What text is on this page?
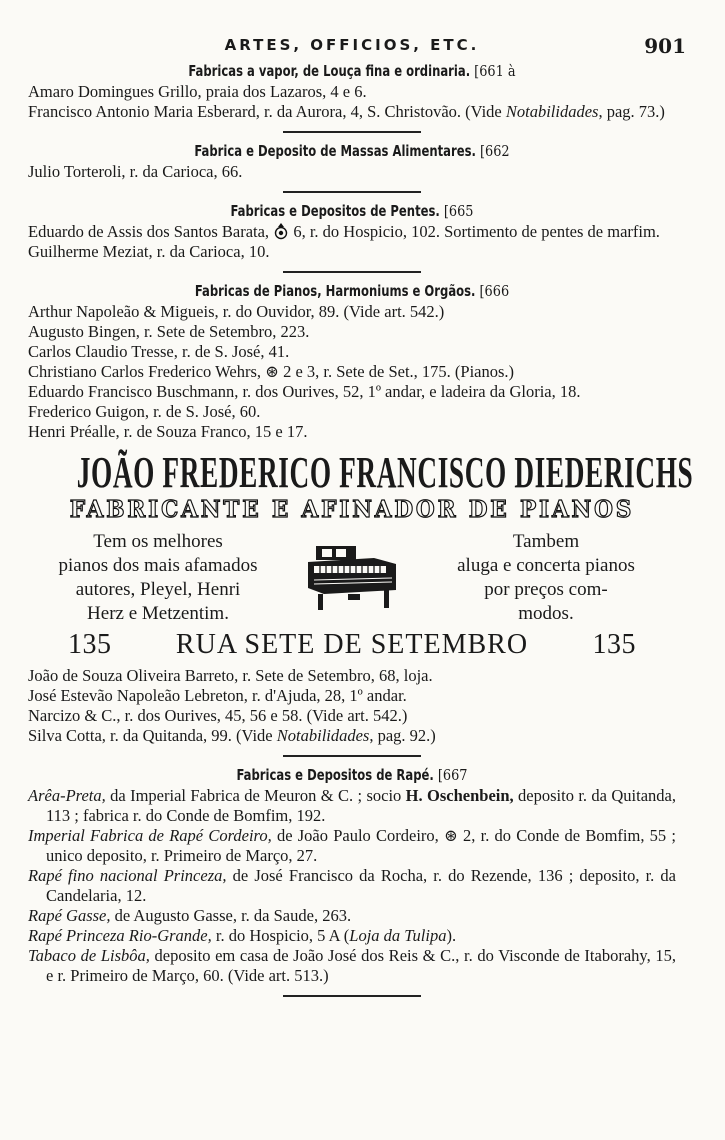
ARTES, OFFICIOS, ETC.	901
Fabricas a vapor, de Louça fina e ordinaria. [661 à
Amaro Domingues Grillo, praia dos Lazaros, 4 e 6.
Francisco Antonio Maria Esberard, r. da Aurora, 4, S. Christovão. (Vide Notabilidades, pag. 73.)
Fabrica e Deposito de Massas Alimentares. [662
Julio Torteroli, r. da Carioca, 66.
Fabricas e Depositos de Pentes. [665
Eduardo de Assis dos Santos Barata, 6, r. do Hospicio, 102. Sortimento de pentes de marfim.
Guilherme Meziat, r. da Carioca, 10.
Fabricas de Pianos, Harmoniums e Orgãos. [666
Arthur Napoleão & Migueis, r. do Ouvidor, 89. (Vide art. 542.)
Augusto Bingen, r. Sete de Setembro, 223.
Carlos Claudio Tresse, r. de S. José, 41.
Christiano Carlos Frederico Wehrs, ⊛ 2 e 3, r. Sete de Set., 175. (Pianos.)
Eduardo Francisco Buschmann, r. dos Ourives, 52, 1º andar, e ladeira da Gloria, 18.
Frederico Guigon, r. de S. José, 60.
Henri Préalle, r. de Souza Franco, 15 e 17.
JOÃO FREDERICO FRANCISCO DIEDERICHS
FABRICANTE E AFINADOR DE PIANOS
Tem os melhores
pianos dos mais afamados
autores, Pleyel, Henri
Herz e Metzentim.
Tambem
aluga e concerta pianos
por preços com-
modos.
135 RUA SETE DE SETEMBRO 135
João de Souza Oliveira Barreto, r. Sete de Setembro, 68, loja.
José Estevão Napoleão Lebreton, r. d'Ajuda, 28, 1º andar.
Narcizo & C., r. dos Ourives, 45, 56 e 58. (Vide art. 542.)
Silva Cotta, r. da Quitanda, 99. (Vide Notabilidades, pag. 92.)
Fabricas e Depositos de Rapé. [667
Arêa-Preta, da Imperial Fabrica de Meuron & C. ; socio H. Oschenbein, deposito r. da Quitanda, 113 ; fabrica r. do Conde de Bomfim, 192.
Imperial Fabrica de Rapé Cordeiro, de João Paulo Cordeiro, ⊛ 2, r. do Conde de Bomfim, 55 ; unico deposito, r. Primeiro de Março, 27.
Rapé fino nacional Princeza, de José Francisco da Rocha, r. do Rezende, 136 ; deposito, r. da Candelaria, 12.
Rapé Gasse, de Augusto Gasse, r. da Saude, 263.
Rapé Princeza Rio-Grande, r. do Hospicio, 5 A (Loja da Tulipa).
Tabaco de Lisbôa, deposito em casa de João José dos Reis & C., r. do Visconde de Itaborahy, 15, e r. Primeiro de Março, 60. (Vide art. 513.)
